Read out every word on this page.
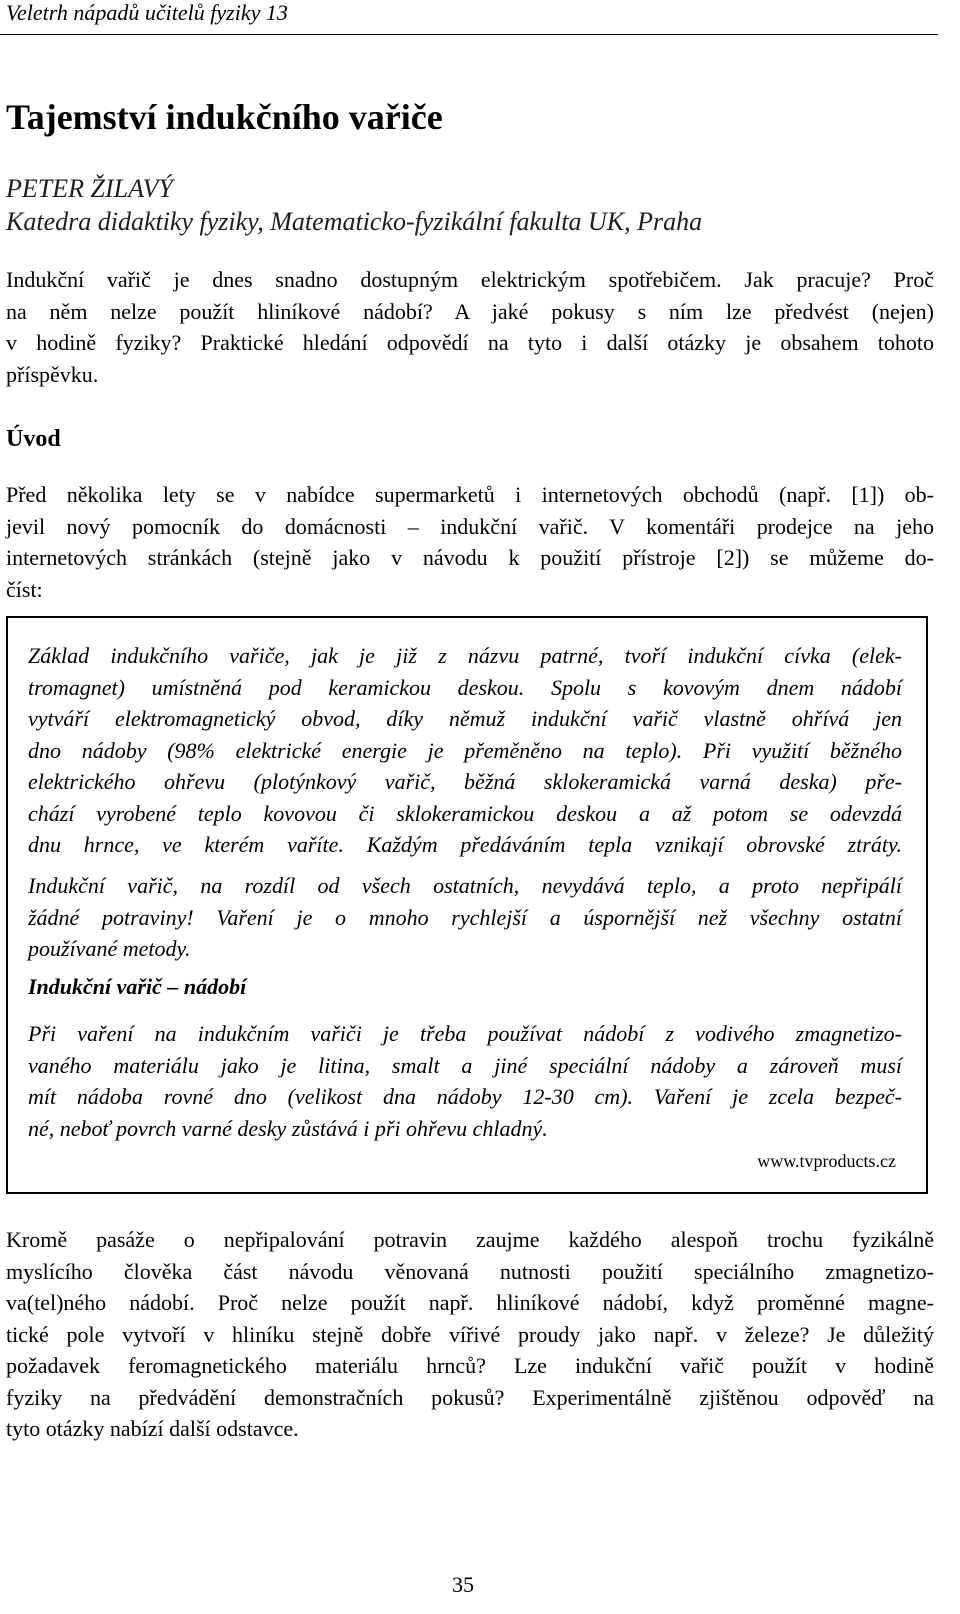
Veletrh nápadů učitelů fyziky 13
Tajemství indukčního vařiče
PETER ŽILAVÝ
Katedra didaktiky fyziky, Matematicko-fyzikální fakulta UK, Praha

Indukční vařič je dnes snadno dostupným elektrickým spotřebičem. Jak pracuje? Proč
na něm nelze použít hliníkové nádobí? A jaké pokusy s ním lze předvést (nejen)
v hodině fyziky? Praktické hledání odpovědí na tyto i další otázky je obsahem tohoto
příspěvku.

Úvod

Před několika lety se v nabídce supermarketů i internetových obchodů (např. [1]) ob-
jevil nový pomocník do domácnosti – indukční vařič. V komentáři prodejce na jeho
internetových stránkách (stejně jako v návodu k použití přístroje [2]) se můžeme do-
číst:

Základ indukčního vařiče, jak je již z názvu patrné, tvoří indukční cívka (elek-
tromagnet) umístněná pod keramickou deskou. Spolu s kovovým dnem nádobí
vytváří elektromagnetický obvod, díky němuž indukční vařič vlastně ohřívá jen
dno nádoby (98% elektrické energie je přeměněno na teplo). Při využití běžného
elektrického ohřevu (plotýnkový vařič, běžná sklokeramická varná deska) pře-
chází vyrobené teplo kovovou či sklokeramickou deskou a až potom se odevzdá
dnu hrnce, ve kterém vaříte. Každým předáváním tepla vznikají obrovské ztráty.

Indukční vařič, na rozdíl od všech ostatních, nevydává teplo, a proto nepřipálí
žádné potraviny! Vaření je o mnoho rychlejší a úspornější než všechny ostatní
používané metody.

Indukční vařič – nádobí

Při vaření na indukčním vařiči je třeba používat nádobí z vodivého zmagnetizo-
vaného materiálu jako je litina, smalt a jiné speciální nádoby a zároveň musí
mít nádoba rovné dno (velikost dna nádoby 12-30 cm). Vaření je zcela bezpeč-
né, neboť povrch varné desky zůstává i při ohřevu chladný.

www.tvproducts.cz

Kromě pasáže o nepřipalování potravin zaujme každého alespoň trochu fyzikálně
myslícího člověka část návodu věnovaná nutnosti použití speciálního zmagnetizo-
va(tel)ného nádobí. Proč nelze použít např. hliníkové nádobí, když proměnné magne-
tické pole vytvoří v hliníku stejně dobře vířivé proudy jako např. v železe? Je důležitý
požadavek feromagnetického materiálu hrnců? Lze indukční vařič použít v hodině
fyziky na předvádění demonstračních pokusů? Experimentálně zjištěnou odpověď na
tyto otázky nabízí další odstavce.

35
